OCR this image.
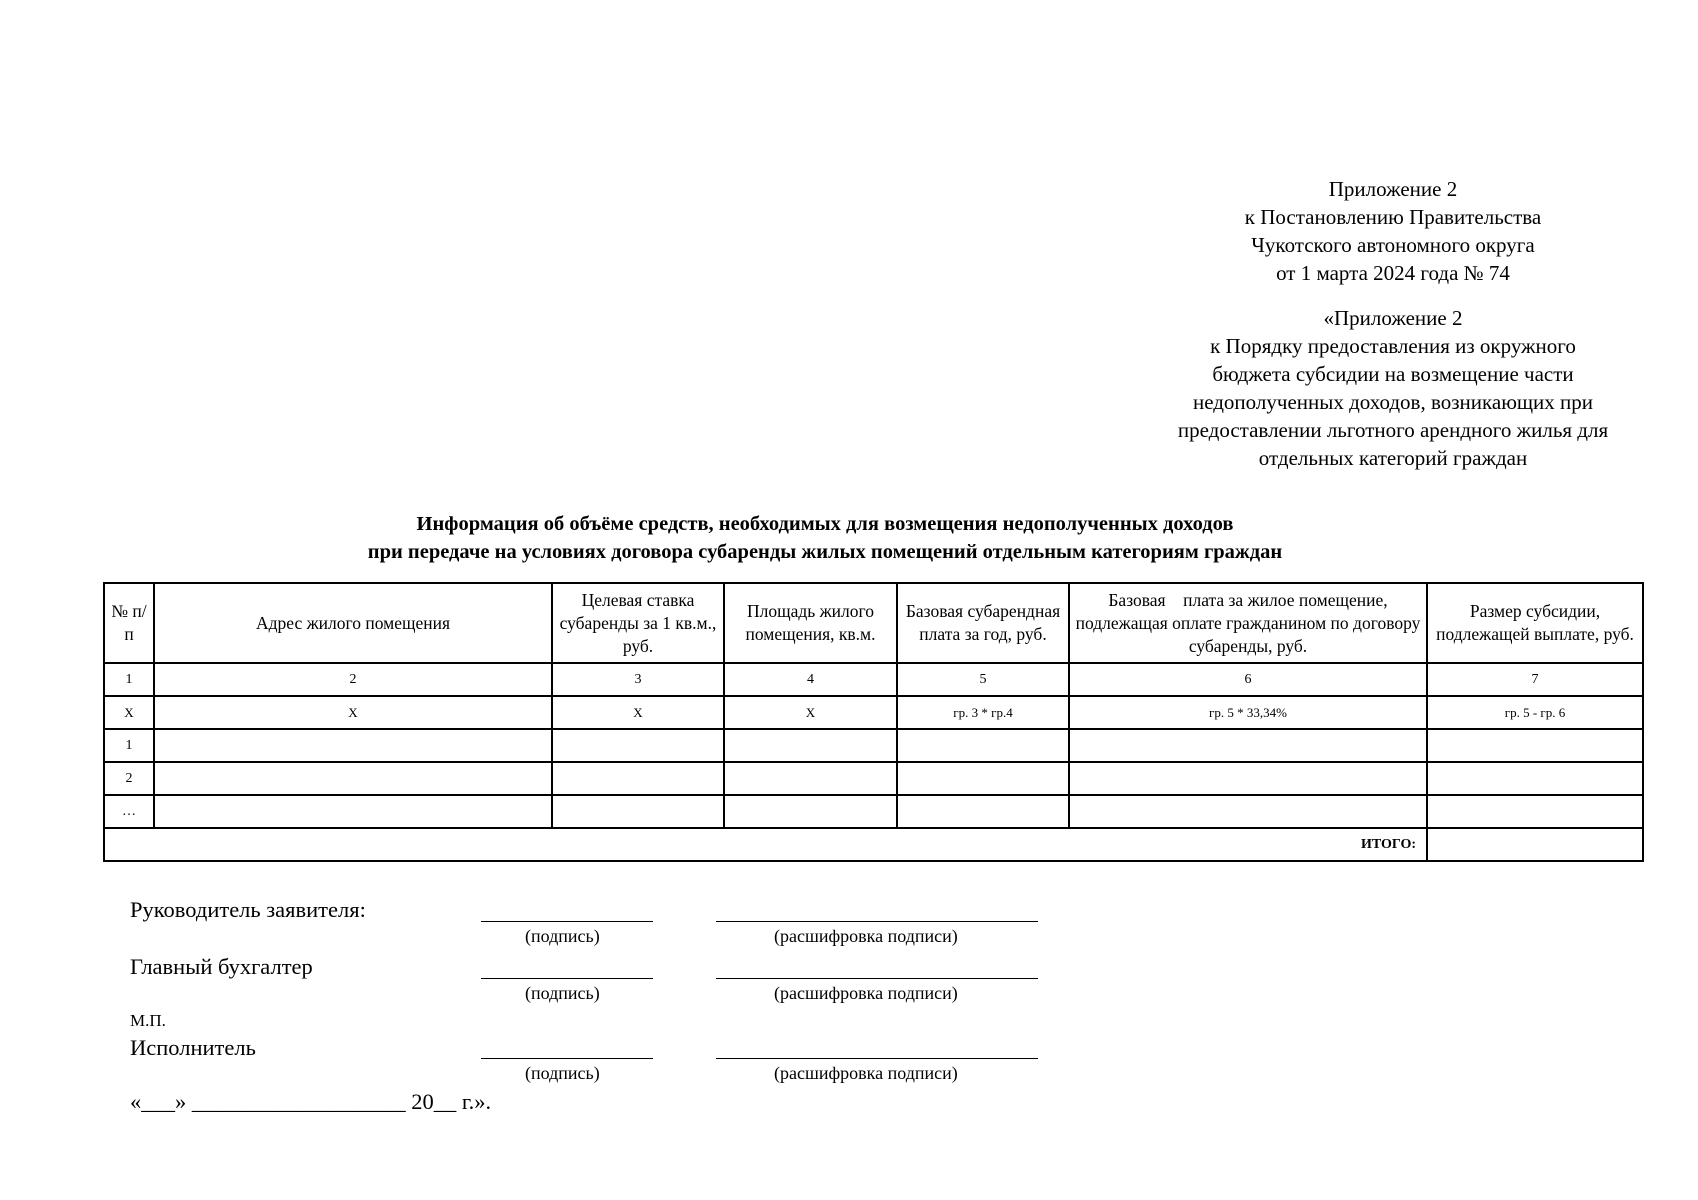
Приложение 2
к Постановлению Правительства
Чукотского автономного округа
от 1 марта 2024 года № 74
«Приложение 2
к Порядку предоставления из окружного
бюджета субсидии на возмещение части
недополученных доходов, возникающих при
предоставлении льготного арендного жилья для
отдельных категорий граждан
Информация об объёме средств, необходимых для возмещения недополученных доходов
при передаче на условиях договора субаренды жилых помещений отдельным категориям граждан
№ п/п	Адрес жилого помещения	Целевая ставка субаренды за 1 кв.м., руб.	Площадь жилого помещения, кв.м.	Базовая субарендная плата за год, руб.	Базовая    плата за жилое помещение, подлежащая оплате гражданином по договору субаренды, руб.	Размер субсидии, подлежащей выплате, руб.
1	2	3	4	5	6	7
Х	Х	Х	Х	гр. 3 * гр.4	гр. 5 * 33,34%	гр. 5 - гр. 6
1						
2						
…						
ИТОГО:						
Руководитель заявителя:
(подпись)	(расшифровка подписи)
Главный бухгалтер
(подпись)	(расшифровка подписи)
М.П.
Исполнитель
(подпись)	(расшифровка подписи)
«___» ___________________ 20__ г.».
